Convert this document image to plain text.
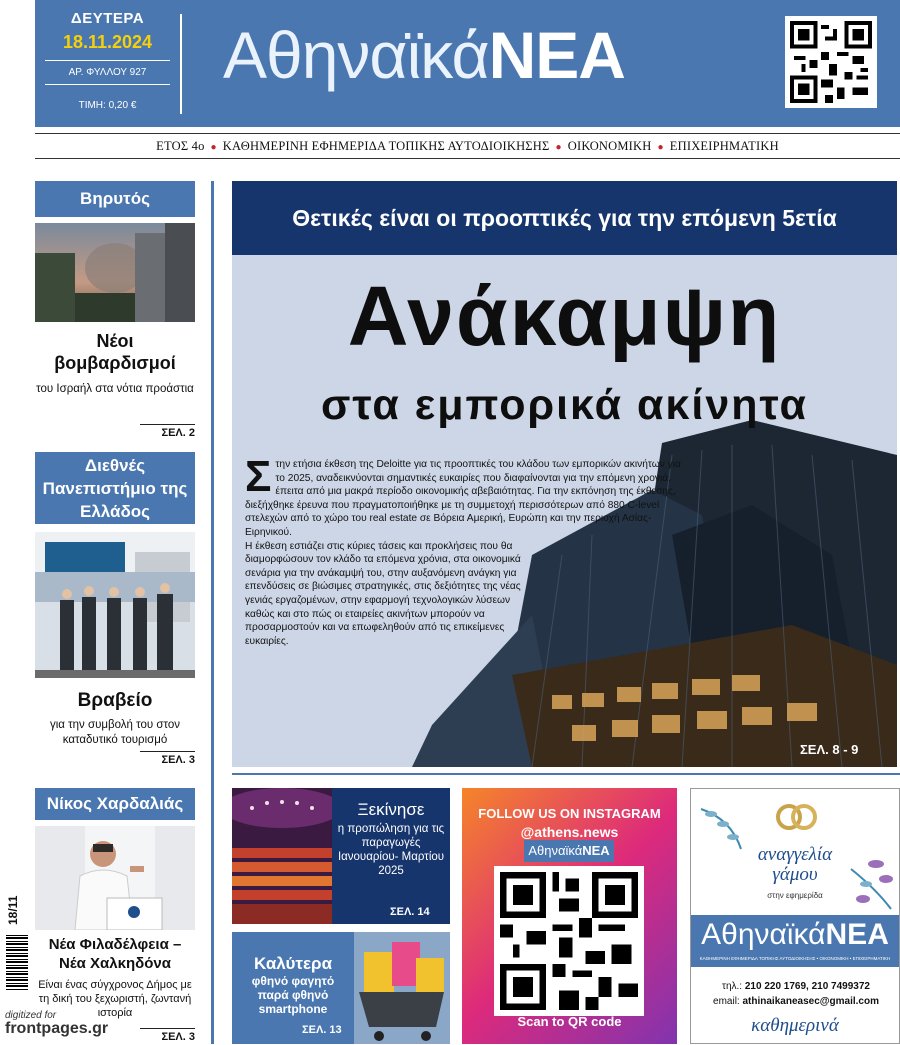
ΔΕΥΤΕΡΑ
18.11.2024
ΑΡ. ΦΥΛΛΟΥ 927
ΤΙΜΗ: 0,20 €
ΑθηναϊκάΝΕΑ
ΕΤΟΣ 4ο ● ΚΑΘΗΜΕΡΙΝΗ ΕΦΗΜΕΡΙΔΑ ΤΟΠΙΚΗΣ ΑΥΤΟΔΙΟΙΚΗΣΗΣ ● ΟΙΚΟΝΟΜΙΚΗ ● ΕΠΙΧΕΙΡΗΜΑΤΙΚΗ
Βηρυτός
Νέοι βομβαρδισμοί
του Ισραήλ στα νότια προάστια
ΣΕΛ. 2
Διεθνές Πανεπιστήμιο της Ελλάδος
Βραβείο
για την συμβολή του στον καταδυτικό τουρισμό
ΣΕΛ. 3
Νίκος Χαρδαλιάς
Νέα Φιλαδέλφεια – Νέα Χαλκηδόνα
Είναι ένας σύγχρονος Δήμος με τη δική του ξεχωριστή, ζωντανή ιστορία
ΣΕΛ. 3
Θετικές είναι οι προοπτικές για την επόμενη 5ετία
Ανάκαμψη
στα εμπορικά ακίνητα
Στην ετήσια έκθεση της Deloitte για τις προοπτικές του κλάδου των εμπορικών ακινήτων για το 2025, αναδεικνύονται σημαντικές ευκαιρίες που διαφαίνονται για την επόμενη χρονιά, έπειτα από μια μακρά περίοδο οικονομικής αβεβαιότητας. Για την εκπόνηση της έκθεσης, διεξήχθηκε έρευνα που πραγματοποιήθηκε με τη συμμετοχή περισσότερων από 880 C-level στελεχών από το χώρο του real estate σε Βόρεια Αμερική, Ευρώπη και την περιοχή Ασίας-Ειρηνικού.

Η έκθεση εστιάζει στις κύριες τάσεις και προκλήσεις που θα διαμορφώσουν τον κλάδο τα επόμενα χρόνια, στα οικονομικά σενάρια για την ανάκαμψή του, στην αυξανόμενη ανάγκη για επενδύσεις σε βιώσιμες στρατηγικές, στις δεξιότητες της νέας γενιάς εργαζομένων, στην εφαρμογή τεχνολογικών λύσεων καθώς και στο πώς οι εταιρείες ακινήτων μπορούν να προσαρμοστούν και να επωφεληθούν από τις επικείμενες ευκαιρίες.
ΣΕΛ. 8 - 9
Ξεκίνησε
η προπώληση για τις παραγωγές Ιανουαρίου- Μαρτίου 2025
ΣΕΛ. 14
Καλύτερα
φθηνό φαγητό παρά φθηνό smartphone
ΣΕΛ. 13
FOLLOW US ON INSTAGRAM
@athens.news
ΑθηναϊκάΝΕΑ
Scan to QR code
αναγγελία γάμου
στην εφημερίδα
ΑθηναϊκάΝΕΑ
ΚΑΘΗΜΕΡΙΝΗ ΕΦΗΜΕΡΙΔΑ ΤΟΠΙΚΗΣ ΑΥΤΟΔΙΟΙΚΗΣΗΣ • ΟΙΚΟΝΟΜΙΚΗ • ΕΠΙΧΕΙΡΗΜΑΤΙΚΗ
τηλ.: 210 220 1769, 210 7499372
email: athinaikaneasec@gmail.com
καθημερινά
18/11
digitized for
frontpages.gr
